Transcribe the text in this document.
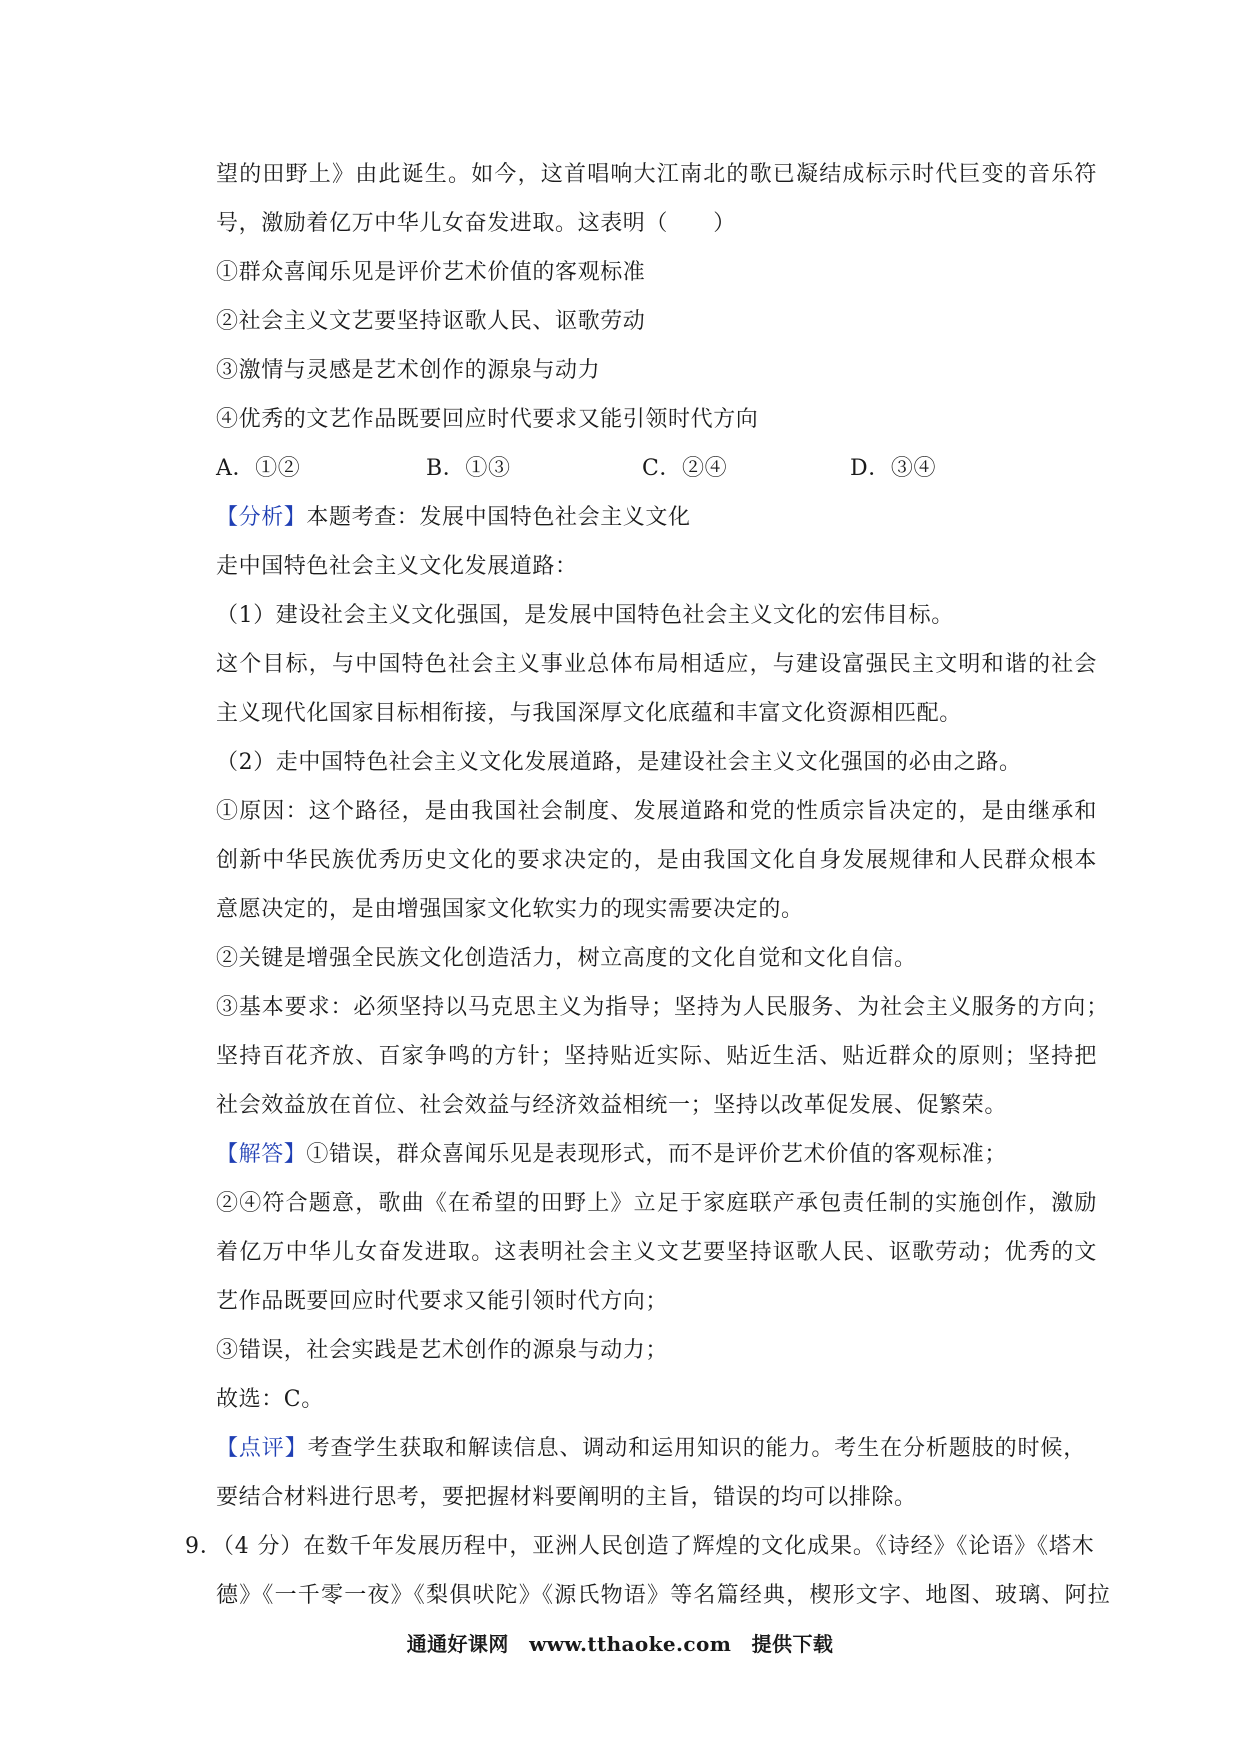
望的田野上》由此诞生。如今，这首唱响大江南北的歌已凝结成标示时代巨变的音乐符
号，激励着亿万中华儿女奋发进取。这表明（　　）
①群众喜闻乐见是评价艺术价值的客观标准
②社会主义文艺要坚持讴歌人民、讴歌劳动
③激情与灵感是艺术创作的源泉与动力
④优秀的文艺作品既要回应时代要求又能引领时代方向
A．①②	B．①③	C．②④	D．③④
【分析】本题考查：发展中国特色社会主义文化
走中国特色社会主义文化发展道路：
（1）建设社会主义文化强国，是发展中国特色社会主义文化的宏伟目标。
这个目标，与中国特色社会主义事业总体布局相适应，与建设富强民主文明和谐的社会
主义现代化国家目标相衔接，与我国深厚文化底蕴和丰富文化资源相匹配。
（2）走中国特色社会主义文化发展道路，是建设社会主义文化强国的必由之路。
①原因：这个路径，是由我国社会制度、发展道路和党的性质宗旨决定的，是由继承和
创新中华民族优秀历史文化的要求决定的，是由我国文化自身发展规律和人民群众根本
意愿决定的，是由增强国家文化软实力的现实需要决定的。
②关键是增强全民族文化创造活力，树立高度的文化自觉和文化自信。
③基本要求：必须坚持以马克思主义为指导；坚持为人民服务、为社会主义服务的方向；
坚持百花齐放、百家争鸣的方针；坚持贴近实际、贴近生活、贴近群众的原则；坚持把
社会效益放在首位、社会效益与经济效益相统一；坚持以改革促发展、促繁荣。
【解答】①错误，群众喜闻乐见是表现形式，而不是评价艺术价值的客观标准；
②④符合题意，歌曲《在希望的田野上》立足于家庭联产承包责任制的实施创作，激励
着亿万中华儿女奋发进取。这表明社会主义文艺要坚持讴歌人民、讴歌劳动；优秀的文
艺作品既要回应时代要求又能引领时代方向；
③错误，社会实践是艺术创作的源泉与动力；
故选：C。
【点评】考查学生获取和解读信息、调动和运用知识的能力。考生在分析题肢的时候，
要结合材料进行思考，要把握材料要阐明的主旨，错误的均可以排除。
9．（4 分）在数千年发展历程中，亚洲人民创造了辉煌的文化成果。《诗经》《论语》《塔木
德》《一千零一夜》《梨俱吠陀》《源氏物语》等名篇经典，楔形文字、地图、玻璃、阿拉
通通好课网　www.tthaoke.com　提供下载
